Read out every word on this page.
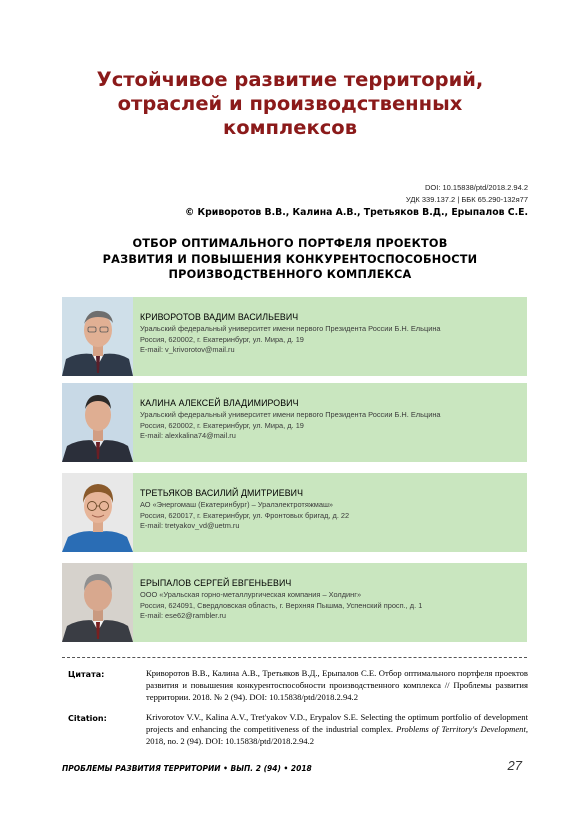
Устойчивое развитие территорий,
отраслей и производственных
комплексов
DOI: 10.15838/ptd/2018.2.94.2
УДК 339.137.2 | ББК 65.290-132я77
© Криворотов В.В., Калина А.В., Третьяков В.Д., Ерыпалов С.Е.
ОТБОР ОПТИМАЛЬНОГО ПОРТФЕЛЯ ПРОЕКТОВ
РАЗВИТИЯ И ПОВЫШЕНИЯ КОНКУРЕНТОСПОСОБНОСТИ
ПРОИЗВОДСТВЕННОГО КОМПЛЕКСА
КРИВОРОТОВ ВАДИМ ВАСИЛЬЕВИЧ
Уральский федеральный университет имени первого Президента России Б.Н. Ельцина
Россия, 620002, г. Екатеринбург, ул. Мира, д. 19
E-mail: v_krivorotov@mail.ru
КАЛИНА АЛЕКСЕЙ ВЛАДИМИРОВИЧ
Уральский федеральный университет имени первого Президента России Б.Н. Ельцина
Россия, 620002, г. Екатеринбург, ул. Мира, д. 19
E-mail: alexkalina74@mail.ru
ТРЕТЬЯКОВ ВАСИЛИЙ ДМИТРИЕВИЧ
АО «Энергомаш (Екатеринбург) – Уралэлектротяжмаш»
Россия, 620017, г. Екатеринбург, ул. Фронтовых бригад, д. 22
E-mail: tretyakov_vd@uetm.ru
ЕРЫПАЛОВ СЕРГЕЙ ЕВГЕНЬЕВИЧ
ООО «Уральская горно-металлургическая компания – Холдинг»
Россия, 624091, Свердловская область, г. Верхняя Пышма, Успенский просп., д. 1
E-mail: ese62@rambler.ru
Цитата:	Криворотов В.В., Калина А.В., Третьяков В.Д., Ерыпалов С.Е. Отбор оптимального портфеля проектов развития и повышения конкурентоспособности производственного комплекса // Проблемы развития территории. 2018. № 2 (94). DOI: 10.15838/ptd/2018.2.94.2
Citation:	Krivorotov V.V., Kalina A.V., Tret'yakov V.D., Erypalov S.E. Selecting the optimum portfolio of development projects and enhancing the competitiveness of the industrial complex. Problems of Territory's Development, 2018, no. 2 (94). DOI: 10.15838/ptd/2018.2.94.2
ПРОБЛЕМЫ РАЗВИТИЯ ТЕРРИТОРИИ • ВЫП. 2 (94) • 2018	27
